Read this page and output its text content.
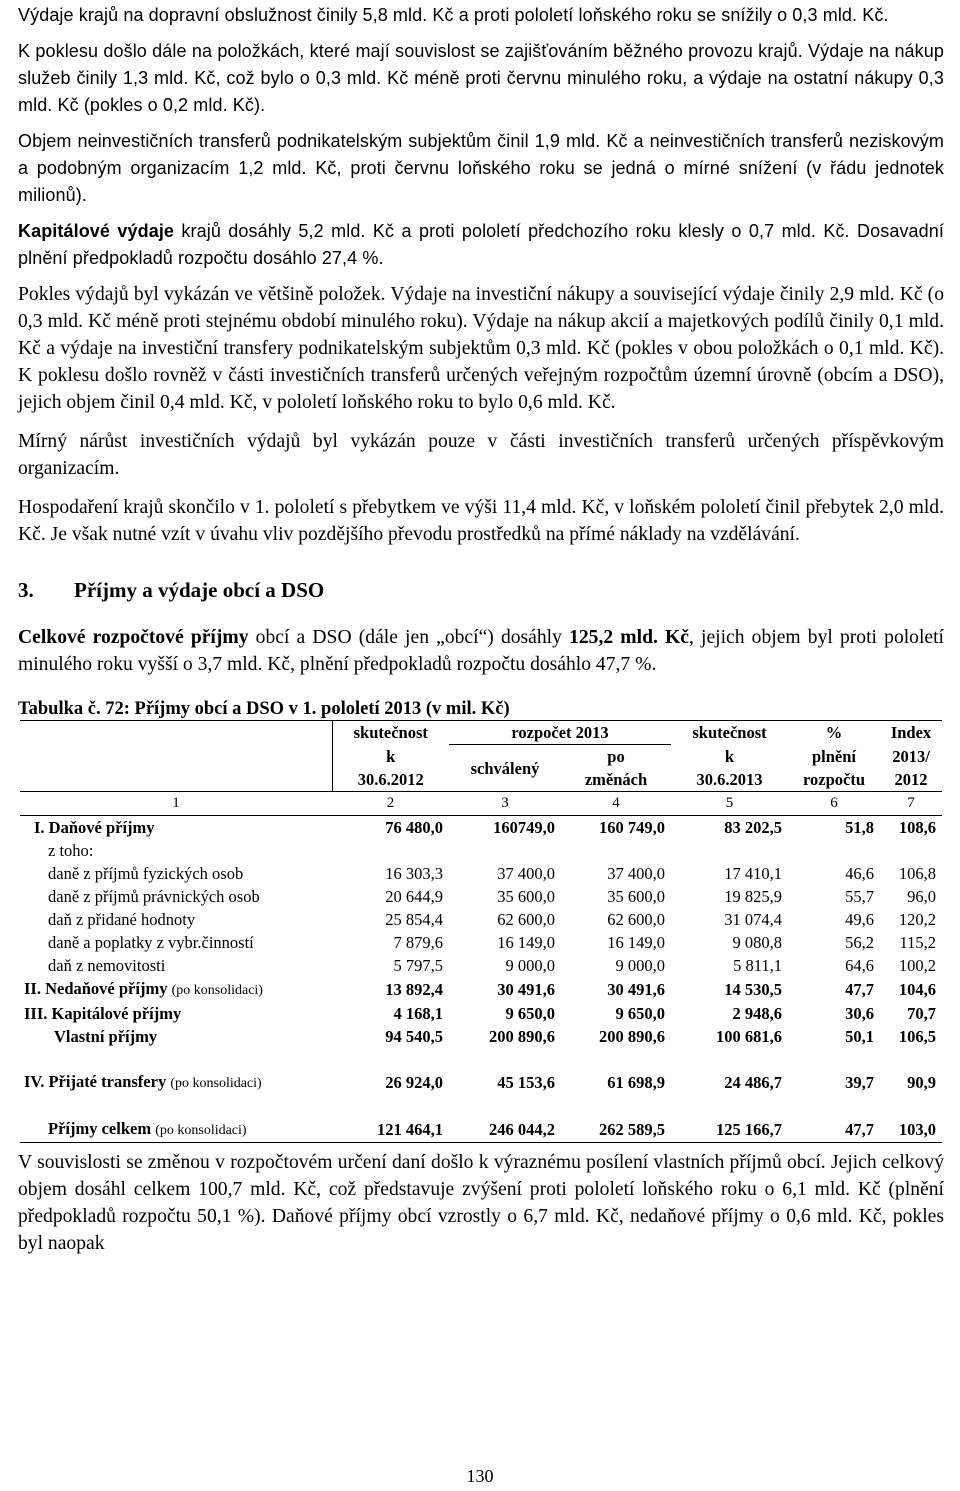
Výdaje krajů na dopravní obslužnost činily 5,8 mld. Kč a proti pololetí loňského roku se snížily o 0,3 mld. Kč.

K poklesu došlo dále na položkách, které mají souvislost se zajišťováním běžného provozu krajů. Výdaje na nákup služeb činily 1,3 mld. Kč, což bylo o 0,3 mld. Kč méně proti červnu minulého roku, a výdaje na ostatní nákupy 0,3 mld. Kč (pokles o 0,2 mld. Kč).

Objem neinvestičních transferů podnikatelským subjektům činil 1,9 mld. Kč a neinvestičních transferů neziskovým a podobným organizacím 1,2 mld. Kč, proti červnu loňského roku se jedná o mírné snížení (v řádu jednotek milionů).

Kapitálové výdaje krajů dosáhly 5,2 mld. Kč a proti pololetí předchozího roku klesly o 0,7 mld. Kč. Dosavadní plnění předpokladů rozpočtu dosáhlo 27,4 %.

Pokles výdajů byl vykázán ve většině položek. Výdaje na investiční nákupy a související výdaje činily 2,9 mld. Kč (o 0,3 mld. Kč méně proti stejnému období minulého roku). Výdaje na nákup akcií a majetkových podílů činily 0,1 mld. Kč a výdaje na investiční transfery podnikatelským subjektům 0,3 mld. Kč (pokles v obou položkách o 0,1 mld. Kč). K poklesu došlo rovněž v části investičních transferů určených veřejným rozpočtům územní úrovně (obcím a DSO), jejich objem činil 0,4 mld. Kč, v pololetí loňského roku to bylo 0,6 mld. Kč.

Mírný nárůst investičních výdajů byl vykázán pouze v části investičních transferů určených příspěvkovým organizacím.

Hospodaření krajů skončilo v 1. pololetí s přebytkem ve výši 11,4 mld. Kč, v loňském pololetí činil přebytek 2,0 mld. Kč. Je však nutné vzít v úvahu vliv pozdějšího převodu prostředků na přímé náklady na vzdělávání.

3. Příjmy a výdaje obcí a DSO

Celkové rozpočtové příjmy obcí a DSO (dále jen „obcí“) dosáhly 125,2 mld. Kč, jejich objem byl proti pololetí minulého roku vyšší o 3,7 mld. Kč, plnění předpokladů rozpočtu dosáhlo 47,7 %.

Tabulka č. 72: Příjmy obcí a DSO v 1. pololetí 2013 (v mil. Kč)

	skutečnost	rozpočet 2013		skutečnost	%	Index
	k	schválený	po	k	plnění	2013/
	30.6.2012		změnách	30.6.2013	rozpočtu	2012
1	2	3	4	5	6	7
I. Daňové příjmy	76 480,0	160749,0	160 749,0	83 202,5	51,8	108,6
z toho:						
daně z příjmů fyzických osob	16 303,3	37 400,0	37 400,0	17 410,1	46,6	106,8
daně z příjmů právnických osob	20 644,9	35 600,0	35 600,0	19 825,9	55,7	96,0
daň z přidané hodnoty	25 854,4	62 600,0	62 600,0	31 074,4	49,6	120,2
daně a poplatky z vybr.činností	7 879,6	16 149,0	16 149,0	9 080,8	56,2	115,2
daň z nemovitosti	5 797,5	9 000,0	9 000,0	5 811,1	64,6	100,2
II. Nedaňové příjmy (po konsolidaci)	13 892,4	30 491,6	30 491,6	14 530,5	47,7	104,6
III. Kapitálové příjmy	4 168,1	9 650,0	9 650,0	2 948,6	30,6	70,7
Vlastní příjmy	94 540,5	200 890,6	200 890,6	100 681,6	50,1	106,5

IV. Přijaté transfery (po konsolidaci)	26 924,0	45 153,6	61 698,9	24 486,7	39,7	90,9

Příjmy celkem (po konsolidaci)	121 464,1	246 044,2	262 589,5	125 166,7	47,7	103,0

V souvislosti se změnou v rozpočtovém určení daní došlo k výraznému posílení vlastních příjmů obcí. Jejich celkový objem dosáhl celkem 100,7 mld. Kč, což představuje zvýšení proti pololetí loňského roku o 6,1 mld. Kč (plnění předpokladů rozpočtu 50,1 %). Daňové příjmy obcí vzrostly o 6,7 mld. Kč, nedaňové příjmy o 0,6 mld. Kč, pokles byl naopak

130
